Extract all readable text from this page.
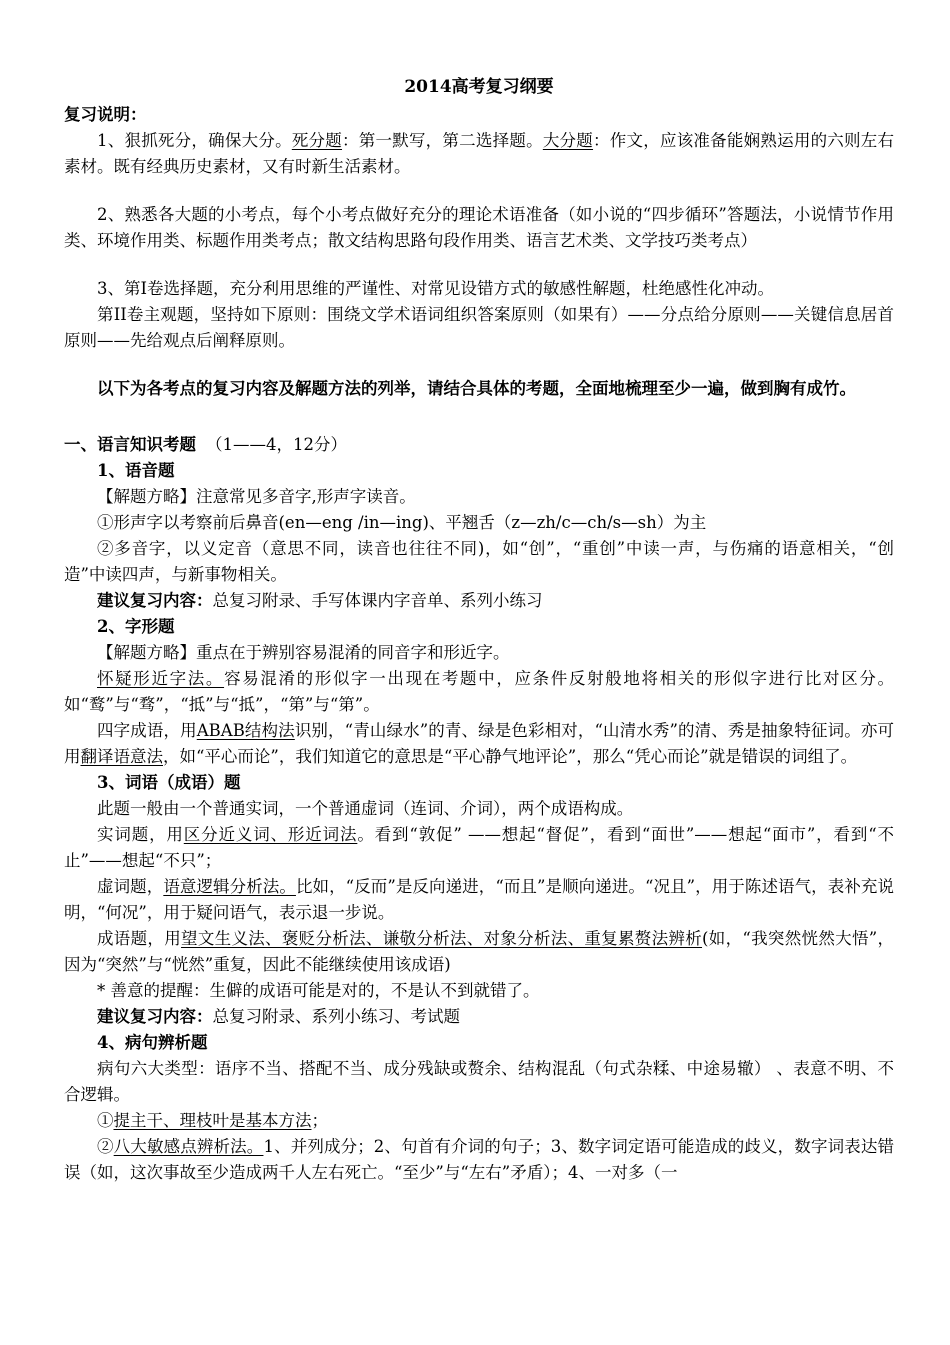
2014高考复习纲要

复习说明：

1、狠抓死分，确保大分。死分题：第一默写，第二选择题。大分题：作文，应该准备能娴熟运用的六则左右素材。既有经典历史素材，又有时新生活素材。

2、熟悉各大题的小考点，每个小考点做好充分的理论术语准备（如小说的“四步循环”答题法，小说情节作用类、环境作用类、标题作用类考点；散文结构思路句段作用类、语言艺术类、文学技巧类考点）

3、第I卷选择题，充分利用思维的严谨性、对常见设错方式的敏感性解题，杜绝感性化冲动。

第II卷主观题，坚持如下原则：围绕文学术语词组织答案原则（如果有）——分点给分原则——关键信息居首原则——先给观点后阐释原则。

以下为各考点的复习内容及解题方法的列举，请结合具体的考题，全面地梳理至少一遍，做到胸有成竹。

一、语言知识考题 （1——4，12分）

1、语音题

【解题方略】注意常见多音字,形声字读音。

①形声字以考察前后鼻音(en—eng /in—ing)、平翘舌（z—zh/c—ch/s—sh）为主

②多音字，以义定音（意思不同，读音也往往不同)，如“创”，“重创”中读一声，与伤痛的语意相关，“创造”中读四声，与新事物相关。

建议复习内容：总复习附录、手写体课内字音单、系列小练习

2、字形题

【解题方略】重点在于辨别容易混淆的同音字和形近字。

怀疑形近字法。容易混淆的形似字一出现在考题中，应条件反射般地将相关的形似字进行比对区分。如“鹜”与“骛”，“抵”与“抵”，“第”与“第”。

四字成语，用ABAB结构法识别，“青山绿水”的青、绿是色彩相对，“山清水秀”的清、秀是抽象特征词。亦可用翻译语意法，如“平心而论”，我们知道它的意思是“平心静气地评论”，那么“凭心而论”就是错误的词组了。

3、词语（成语）题

此题一般由一个普通实词，一个普通虚词（连词、介词），两个成语构成。

实词题，用区分近义词、形近词法。看到“敦促” ——想起“督促”，看到“面世”——想起“面市”，看到“不止”——想起“不只”；

虚词题，语意逻辑分析法。比如，“反而”是反向递进，“而且”是顺向递进。“况且”，用于陈述语气，表补充说明，“何况”，用于疑问语气，表示退一步说。

成语题，用望文生义法、褒贬分析法、谦敬分析法、对象分析法、重复累赘法辨析(如，“我突然恍然大悟”，因为“突然”与“恍然”重复，因此不能继续使用该成语)

* 善意的提醒：生僻的成语可能是对的，不是认不到就错了。

建议复习内容：总复习附录、系列小练习、考试题

4、病句辨析题

病句六大类型：语序不当、搭配不当、成分残缺或赘余、结构混乱（句式杂糅、中途易辙） 、表意不明、不合逻辑。

①提主干、理枝叶是基本方法；

②八大敏感点辨析法。1、并列成分；2、句首有介词的句子；3、数字词定语可能造成的歧义，数字词表达错误（如，这次事故至少造成两千人左右死亡。“至少”与“左右”矛盾）；4、一对多（一
